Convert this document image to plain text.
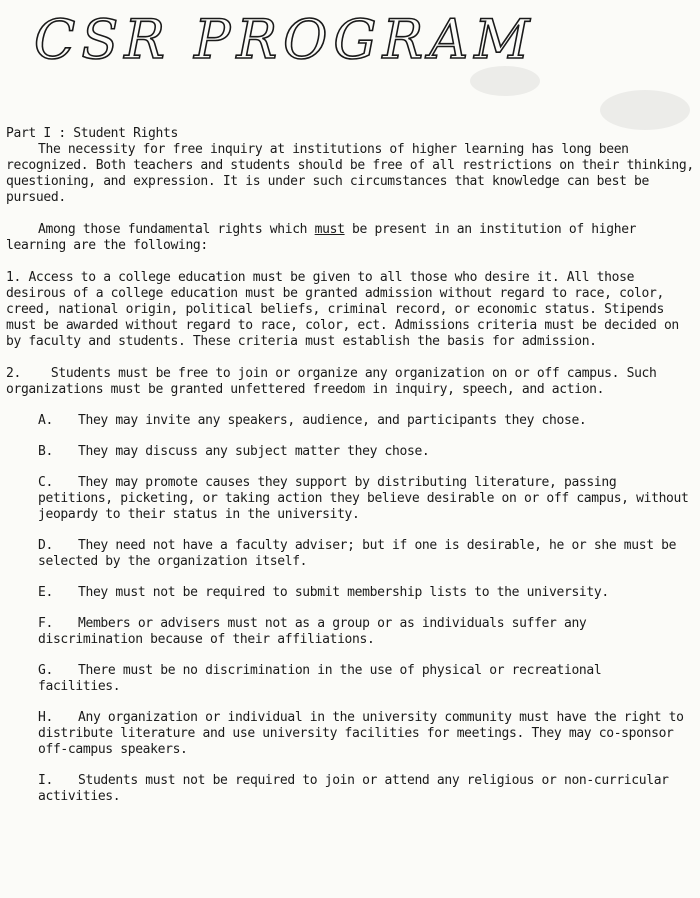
CSR PROGRAM

Part I : Student Rights

The necessity for free inquiry at institutions of higher learning has long been recognized. Both teachers and students should be free of all restrictions on their thinking, questioning, and expression. It is under such circumstances that knowledge can best be pursued.

Among those fundamental rights which must be present in an institution of higher learning are the following:

1. Access to a college education must be given to all those who desire it. All those desirous of a college education must be granted admission without regard to race, color, creed, national origin, political beliefs, criminal record, or economic status. Stipends must be awarded without regard to race, color, ect. Admissions criteria must be decided on by faculty and students. These criteria must establish the basis for admission.

2. Students must be free to join or organize any organization on or off campus. Such organizations must be granted unfettered freedom in inquiry, speech, and action.

A. They may invite any speakers, audience, and participants they chose.

B. They may discuss any subject matter they chose.

C. They may promote causes they support by distributing literature, passing petitions, picketing, or taking action they believe desirable on or off campus, without jeopardy to their status in the university.

D. They need not have a faculty adviser; but if one is desirable, he or she must be selected by the organization itself.

E. They must not be required to submit membership lists to the university.

F. Members or advisers must not as a group or as individuals suffer any discrimination because of their affiliations.

G. There must be no discrimination in the use of physical or recreational facilities.

H. Any organization or individual in the university community must have the right to distribute literature and use university facilities for meetings. They may co-sponsor off-campus speakers.

I. Students must not be required to join or attend any religious or non-curricular activities.
